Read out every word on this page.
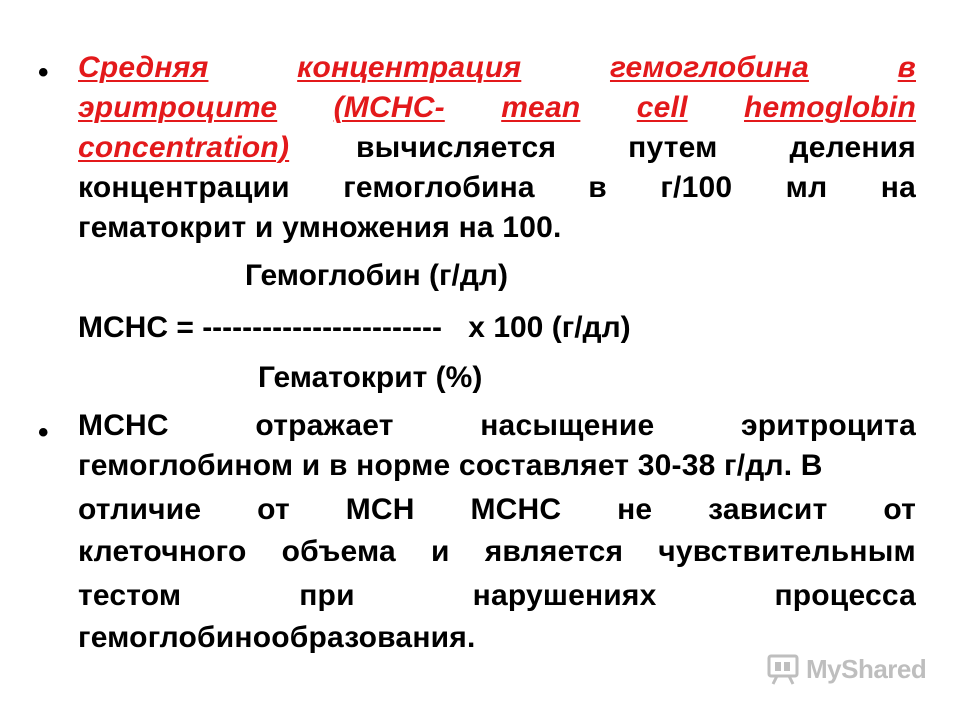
• Средняя	концентрация	гемоглобина	в
эритроците (MCHC- mean cell hemoglobin
concentration) вычисляется путем деления
концентрации гемоглобина в г/100 мл на
гематокрит и умножения на 100.
Гемоглобин (г/дл)
MCHC = ------------------------ х 100 (г/дл)
Гематокрит (%)
• MCHC	отражает	насыщение	эритроцита
гемоглобином и в норме составляет 30-38 г/дл. В
отличие от MCH MCHC не зависит от
клеточного объема и является чувствительным
тестом	при	нарушениях	процесса
гемоглобинообразования.
MyShared
